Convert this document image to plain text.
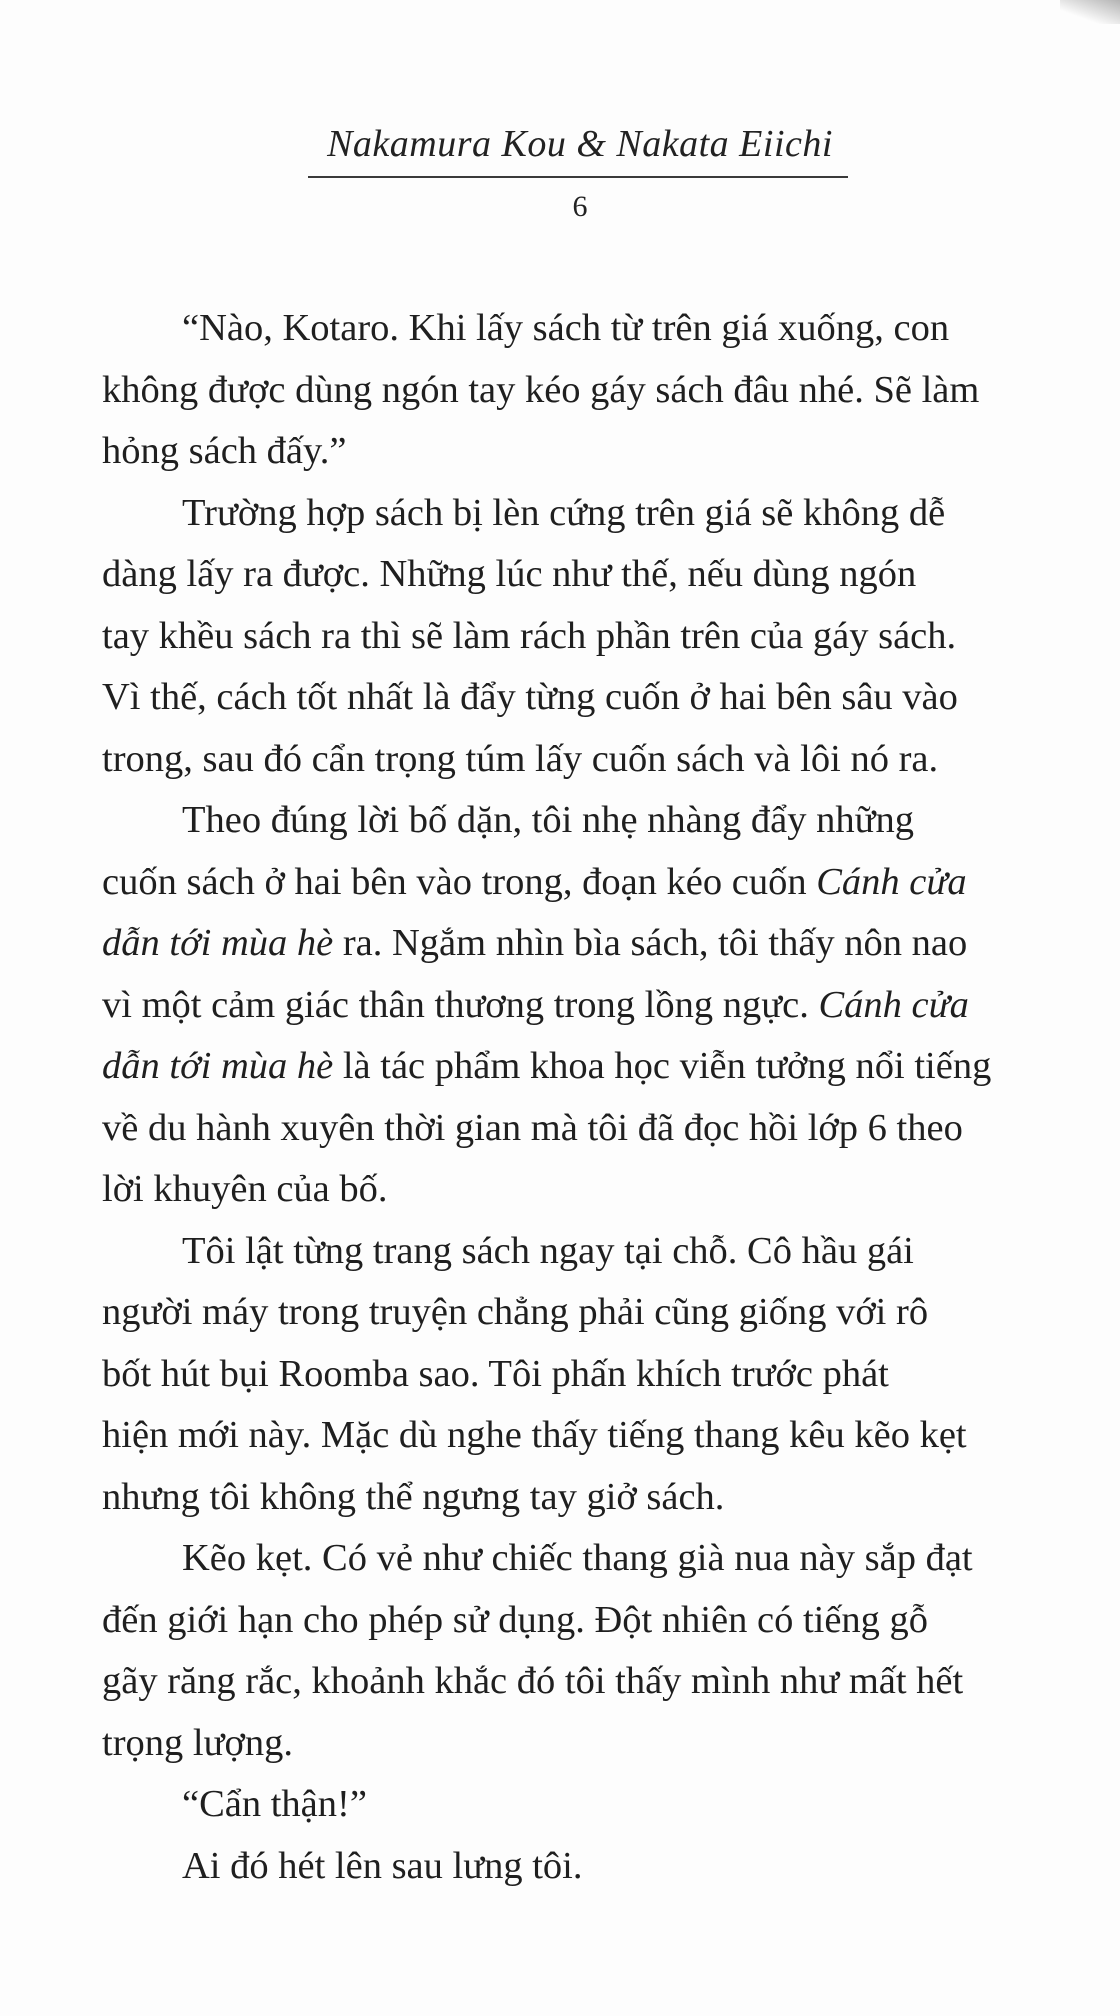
Nakamura Kou & Nakata Eiichi
6
“Nào, Kotaro. Khi lấy sách từ trên giá xuống, con
không được dùng ngón tay kéo gáy sách đâu nhé. Sẽ làm
hỏng sách đấy.”
Trường hợp sách bị lèn cứng trên giá sẽ không dễ
dàng lấy ra được. Những lúc như thế, nếu dùng ngón
tay khều sách ra thì sẽ làm rách phần trên của gáy sách.
Vì thế, cách tốt nhất là đẩy từng cuốn ở hai bên sâu vào
trong, sau đó cẩn trọng túm lấy cuốn sách và lôi nó ra.
Theo đúng lời bố dặn, tôi nhẹ nhàng đẩy những
cuốn sách ở hai bên vào trong, đoạn kéo cuốn Cánh cửa
dẫn tới mùa hè ra. Ngắm nhìn bìa sách, tôi thấy nôn nao
vì một cảm giác thân thương trong lồng ngực. Cánh cửa
dẫn tới mùa hè là tác phẩm khoa học viễn tưởng nổi tiếng
về du hành xuyên thời gian mà tôi đã đọc hồi lớp 6 theo
lời khuyên của bố.
Tôi lật từng trang sách ngay tại chỗ. Cô hầu gái
người máy trong truyện chẳng phải cũng giống với rô
bốt hút bụi Roomba sao. Tôi phấn khích trước phát
hiện mới này. Mặc dù nghe thấy tiếng thang kêu kẽo kẹt
nhưng tôi không thể ngưng tay giở sách.
Kẽo kẹt. Có vẻ như chiếc thang già nua này sắp đạt
đến giới hạn cho phép sử dụng. Đột nhiên có tiếng gỗ
gãy răng rắc, khoảnh khắc đó tôi thấy mình như mất hết
trọng lượng.
“Cẩn thận!”
Ai đó hét lên sau lưng tôi.
